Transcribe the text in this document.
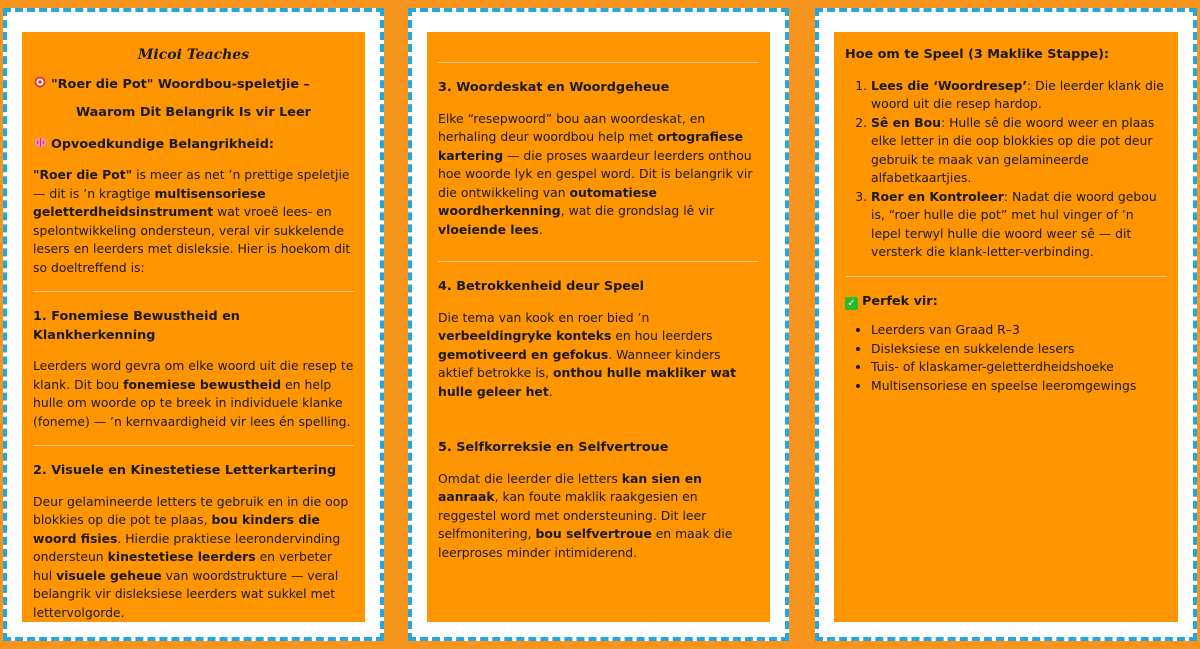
Micoi Teaches
"Roer die Pot" Woordbou-speletjie –
Waarom Dit Belangrik Is vir Leer
Opvoedkundige Belangrikheid:

"Roer die Pot" is meer as net ’n prettige speletjie — dit is ’n kragtige multisensoriese geletterdheidsinstrument wat vroeë lees- en spelontwikkeling ondersteun, veral vir sukkelende lesers en leerders met disleksie. Hier is hoekom dit so doeltreffend is:

1. Fonemiese Bewustheid en Klankherkenning

Leerders word gevra om elke woord uit die resep te klank. Dit bou fonemiese bewustheid en help hulle om woorde op te breek in individuele klanke (foneme) — ’n kernvaardigheid vir lees én spelling.

2. Visuele en Kinestetiese Letterkartering

Deur gelamineerde letters te gebruik en in die oop blokkies op die pot te plaas, bou kinders die woord fisies. Hierdie praktiese leerondervinding ondersteun kinestetiese leerders en verbeter hul visuele geheue van woordstrukture — veral belangrik vir disleksiese leerders wat sukkel met lettervolgorde.

3. Woordeskat en Woordgeheue

Elke “resepwoord” bou aan woordeskat, en herhaling deur woordbou help met ortografiese kartering — die proses waardeur leerders onthou hoe woorde lyk en gespel word. Dit is belangrik vir die ontwikkeling van outomatiese woordherkenning, wat die grondslag lê vir vloeiende lees.

4. Betrokkenheid deur Speel

Die tema van kook en roer bied ’n verbeeldingryke konteks en hou leerders gemotiveerd en gefokus. Wanneer kinders aktief betrokke is, onthou hulle makliker wat hulle geleer het.

5. Selfkorreksie en Selfvertroue

Omdat die leerder die letters kan sien en aanraak, kan foute maklik raakgesien en reggestel word met ondersteuning. Dit leer selfmonitering, bou selfvertroue en maak die leerproses minder intimiderend.

Hoe om te Speel (3 Maklike Stappe):
1. Lees die ‘Woordresep’: Die leerder klank die woord uit die resep hardop.
2. Sê en Bou: Hulle sê die woord weer en plaas elke letter in die oop blokkies op die pot deur gebruik te maak van gelamineerde alfabetkaartjies.
3. Roer en Kontroleer: Nadat die woord gebou is, “roer hulle die pot” met hul vinger of ’n lepel terwyl hulle die woord weer sê — dit versterk die klank-letter-verbinding.
✓ Perfek vir:
• Leerders van Graad R–3
• Disleksiese en sukkelende lesers
• Tuis- of klaskamer-geletterdheidshoeke
• Multisensoriese en speelse leeromgewings
